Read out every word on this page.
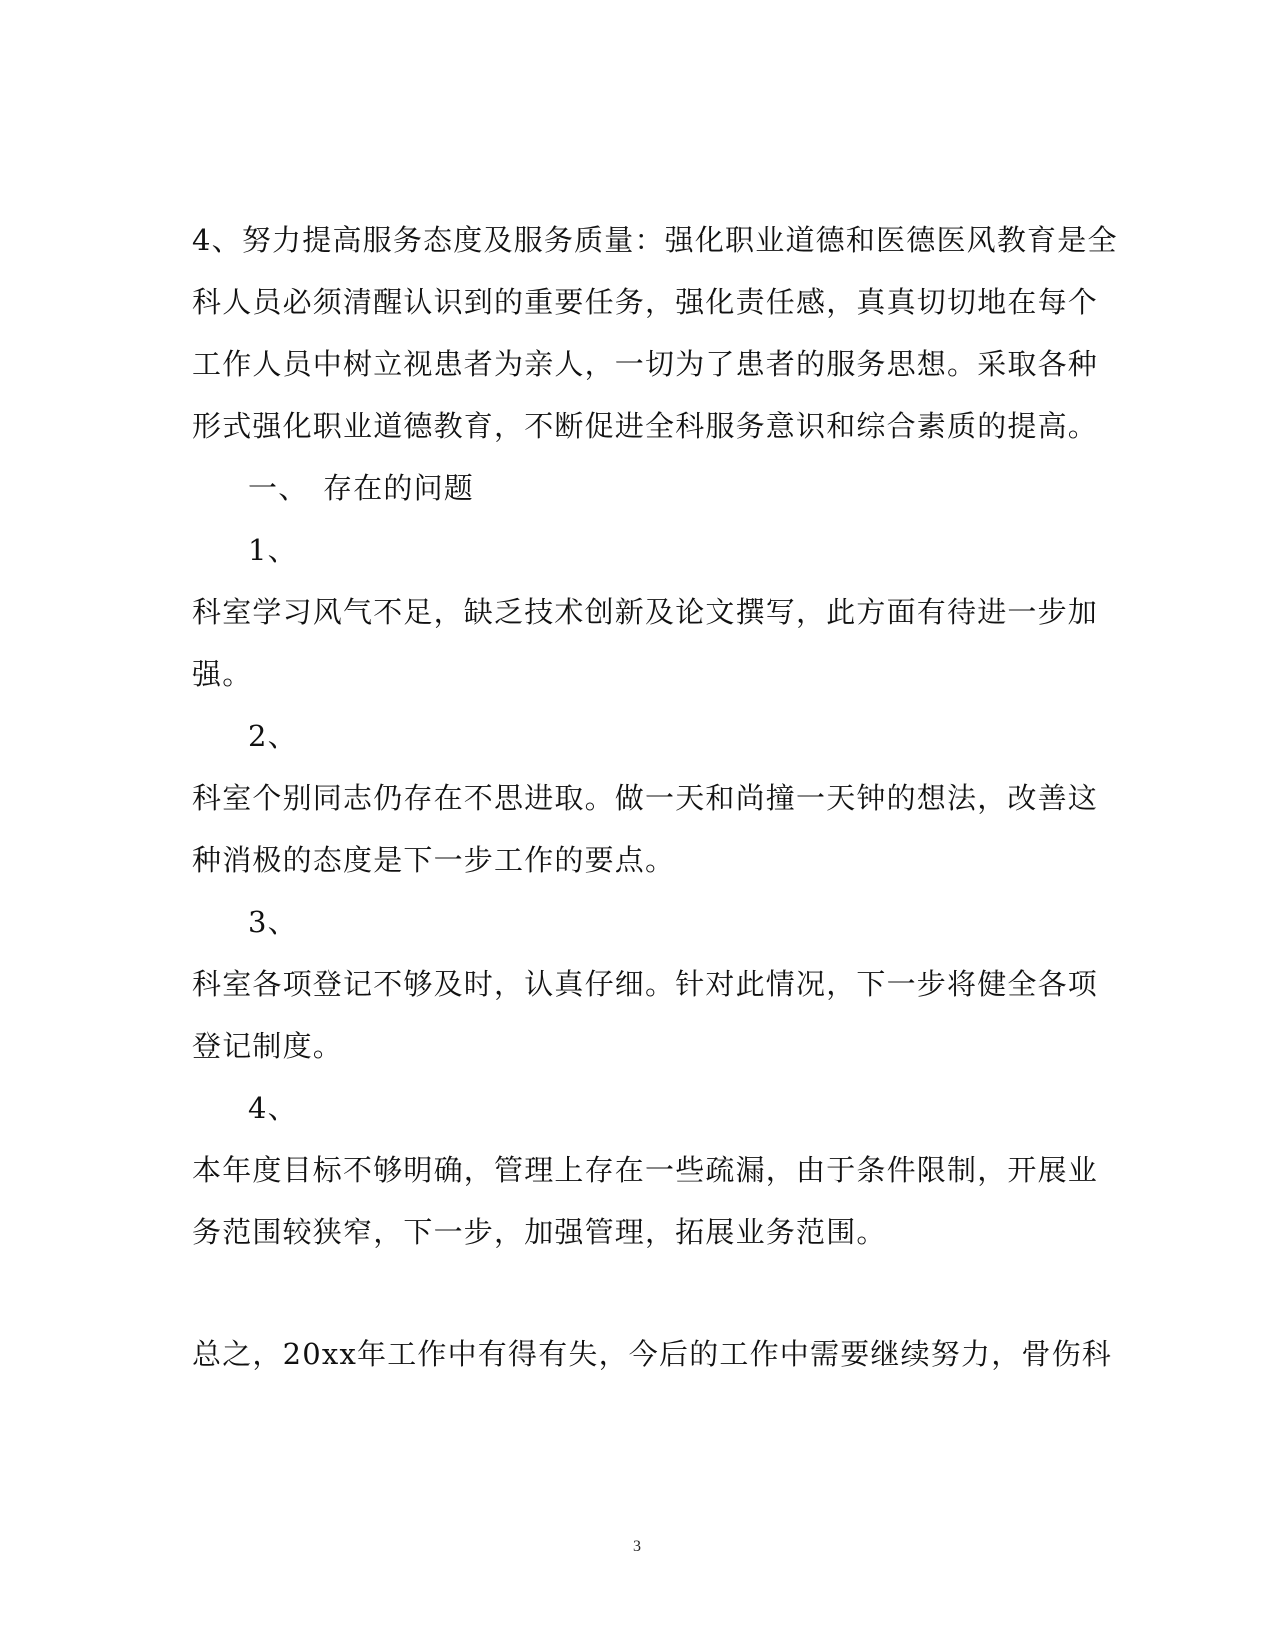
4、努力提高服务态度及服务质量：强化职业道德和医德医风教育是全
科人员必须清醒认识到的重要任务，强化责任感，真真切切地在每个
工作人员中树立视患者为亲人，一切为了患者的服务思想。采取各种
形式强化职业道德教育，不断促进全科服务意识和综合素质的提高。
一、 存在的问题
1、
科室学习风气不足，缺乏技术创新及论文撰写，此方面有待进一步加
强。
2、
科室个别同志仍存在不思进取。做一天和尚撞一天钟的想法，改善这
种消极的态度是下一步工作的要点。
3、
科室各项登记不够及时，认真仔细。针对此情况，下一步将健全各项
登记制度。
4、
本年度目标不够明确，管理上存在一些疏漏，由于条件限制，开展业
务范围较狭窄，下一步，加强管理，拓展业务范围。
总之，20xx年工作中有得有失，今后的工作中需要继续努力，骨伤科
3
